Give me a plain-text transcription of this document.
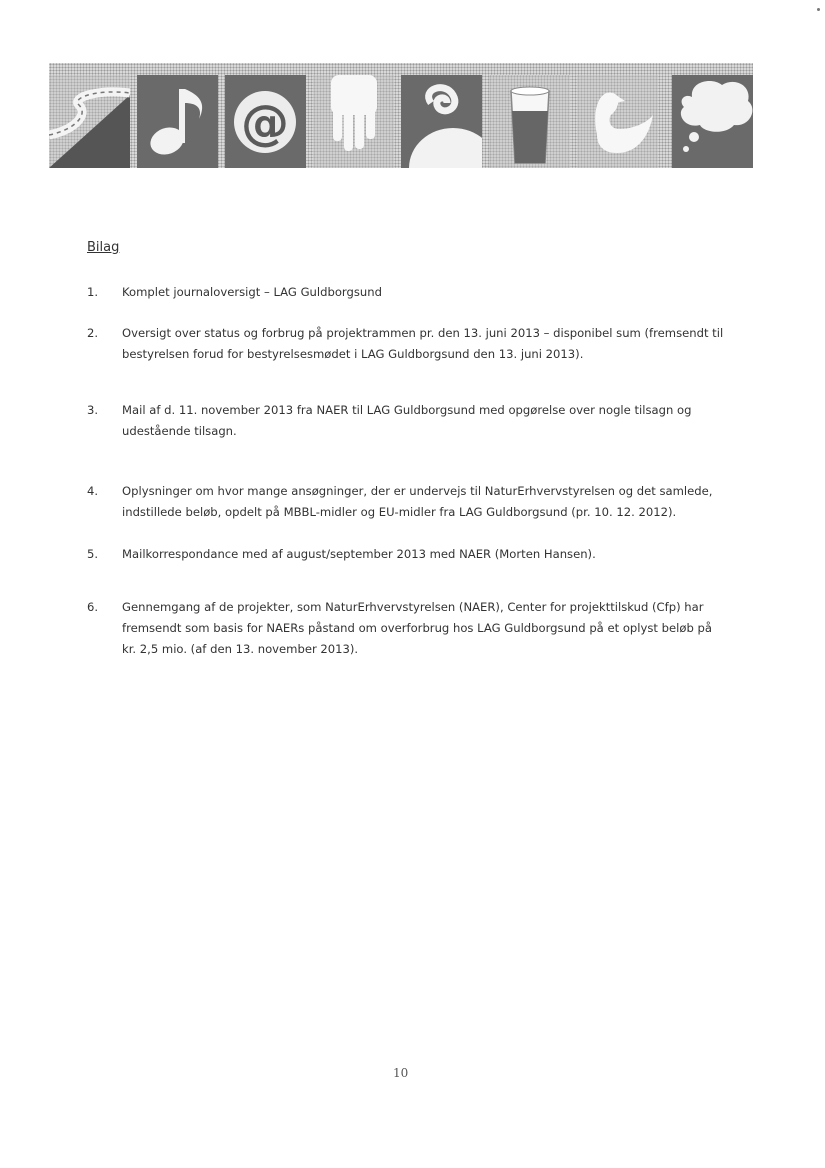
@
Bilag
1.	Komplet journaloversigt – LAG Guldborgsund
2.	Oversigt over status og forbrug på projektrammen pr. den 13. juni 2013 – disponibel sum (fremsendt til bestyrelsen forud for bestyrelsesmødet i LAG Guldborgsund den 13. juni 2013).
3.	Mail af d. 11. november 2013 fra NAER til LAG Guldborgsund med opgørelse over nogle tilsagn og udestående tilsagn.
4.	Oplysninger om hvor mange ansøgninger, der er undervejs til NaturErhvervstyrelsen og det samlede, indstillede beløb, opdelt på MBBL-midler og EU-midler fra LAG Guldborgsund (pr. 10. 12. 2012).
5.	Mailkorrespondance med af august/september 2013 med NAER (Morten Hansen).
6.	Gennemgang af de projekter, som NaturErhvervstyrelsen (NAER), Center for projekttilskud (Cfp) har fremsendt som basis for NAERs påstand om overforbrug hos LAG Guldborgsund på et oplyst beløb på kr. 2,5 mio. (af den 13. november 2013).
10
